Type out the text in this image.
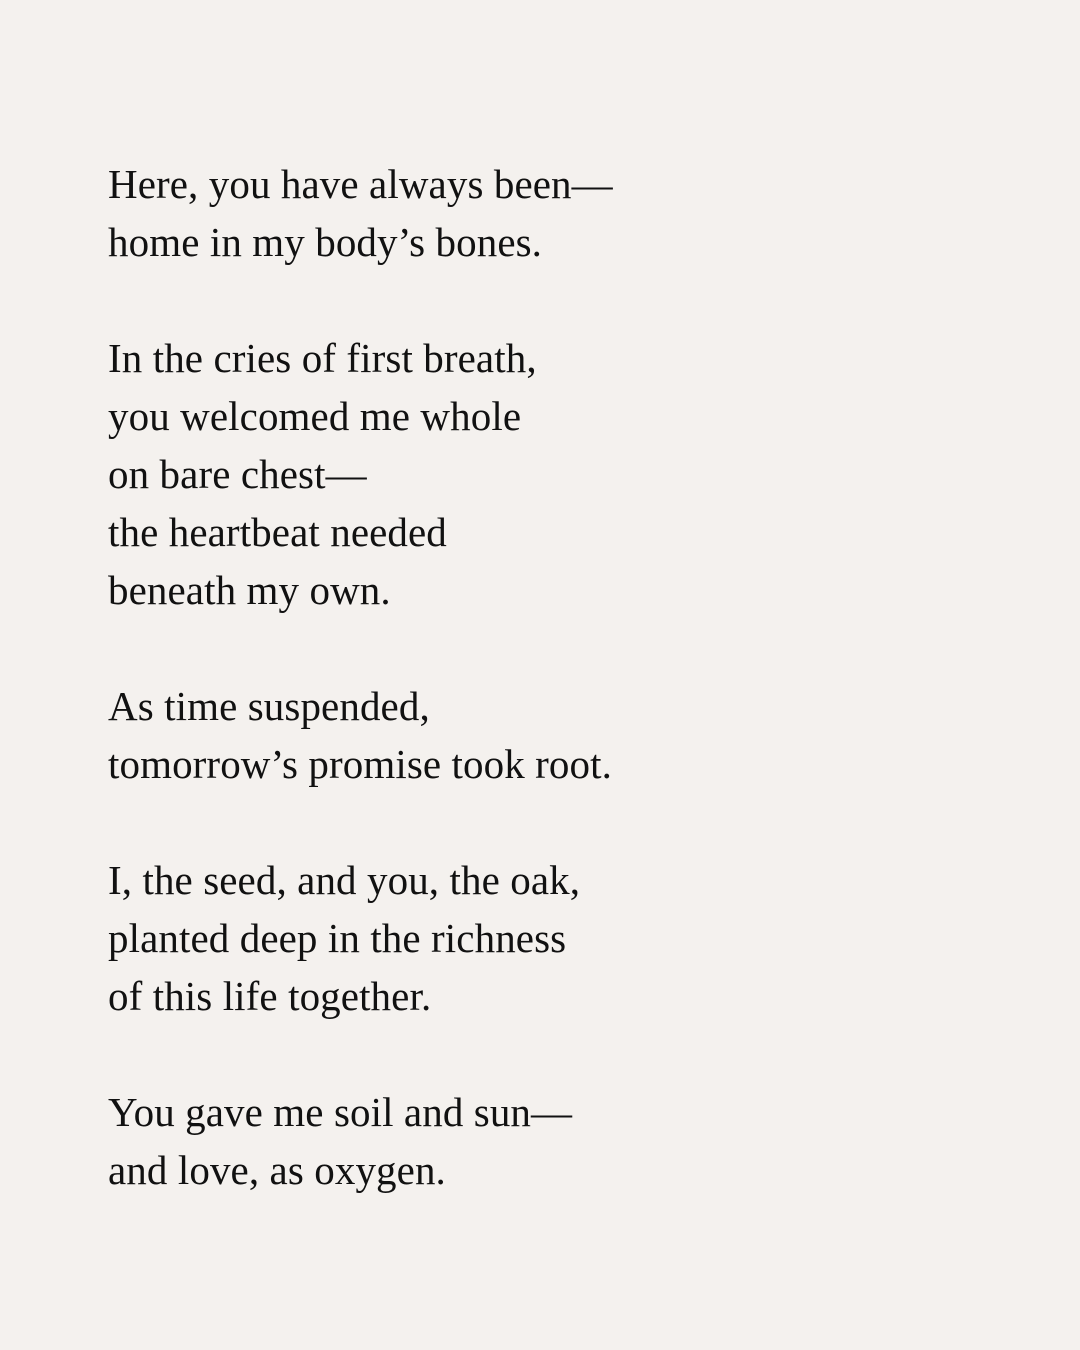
Here, you have always been—
home in my body’s bones.
In the cries of first breath,
you welcomed me whole
on bare chest—
the heartbeat needed
beneath my own.
As time suspended,
tomorrow’s promise took root.
I, the seed, and you, the oak,
planted deep in the richness
of this life together.
You gave me soil and sun—
and love, as oxygen.
